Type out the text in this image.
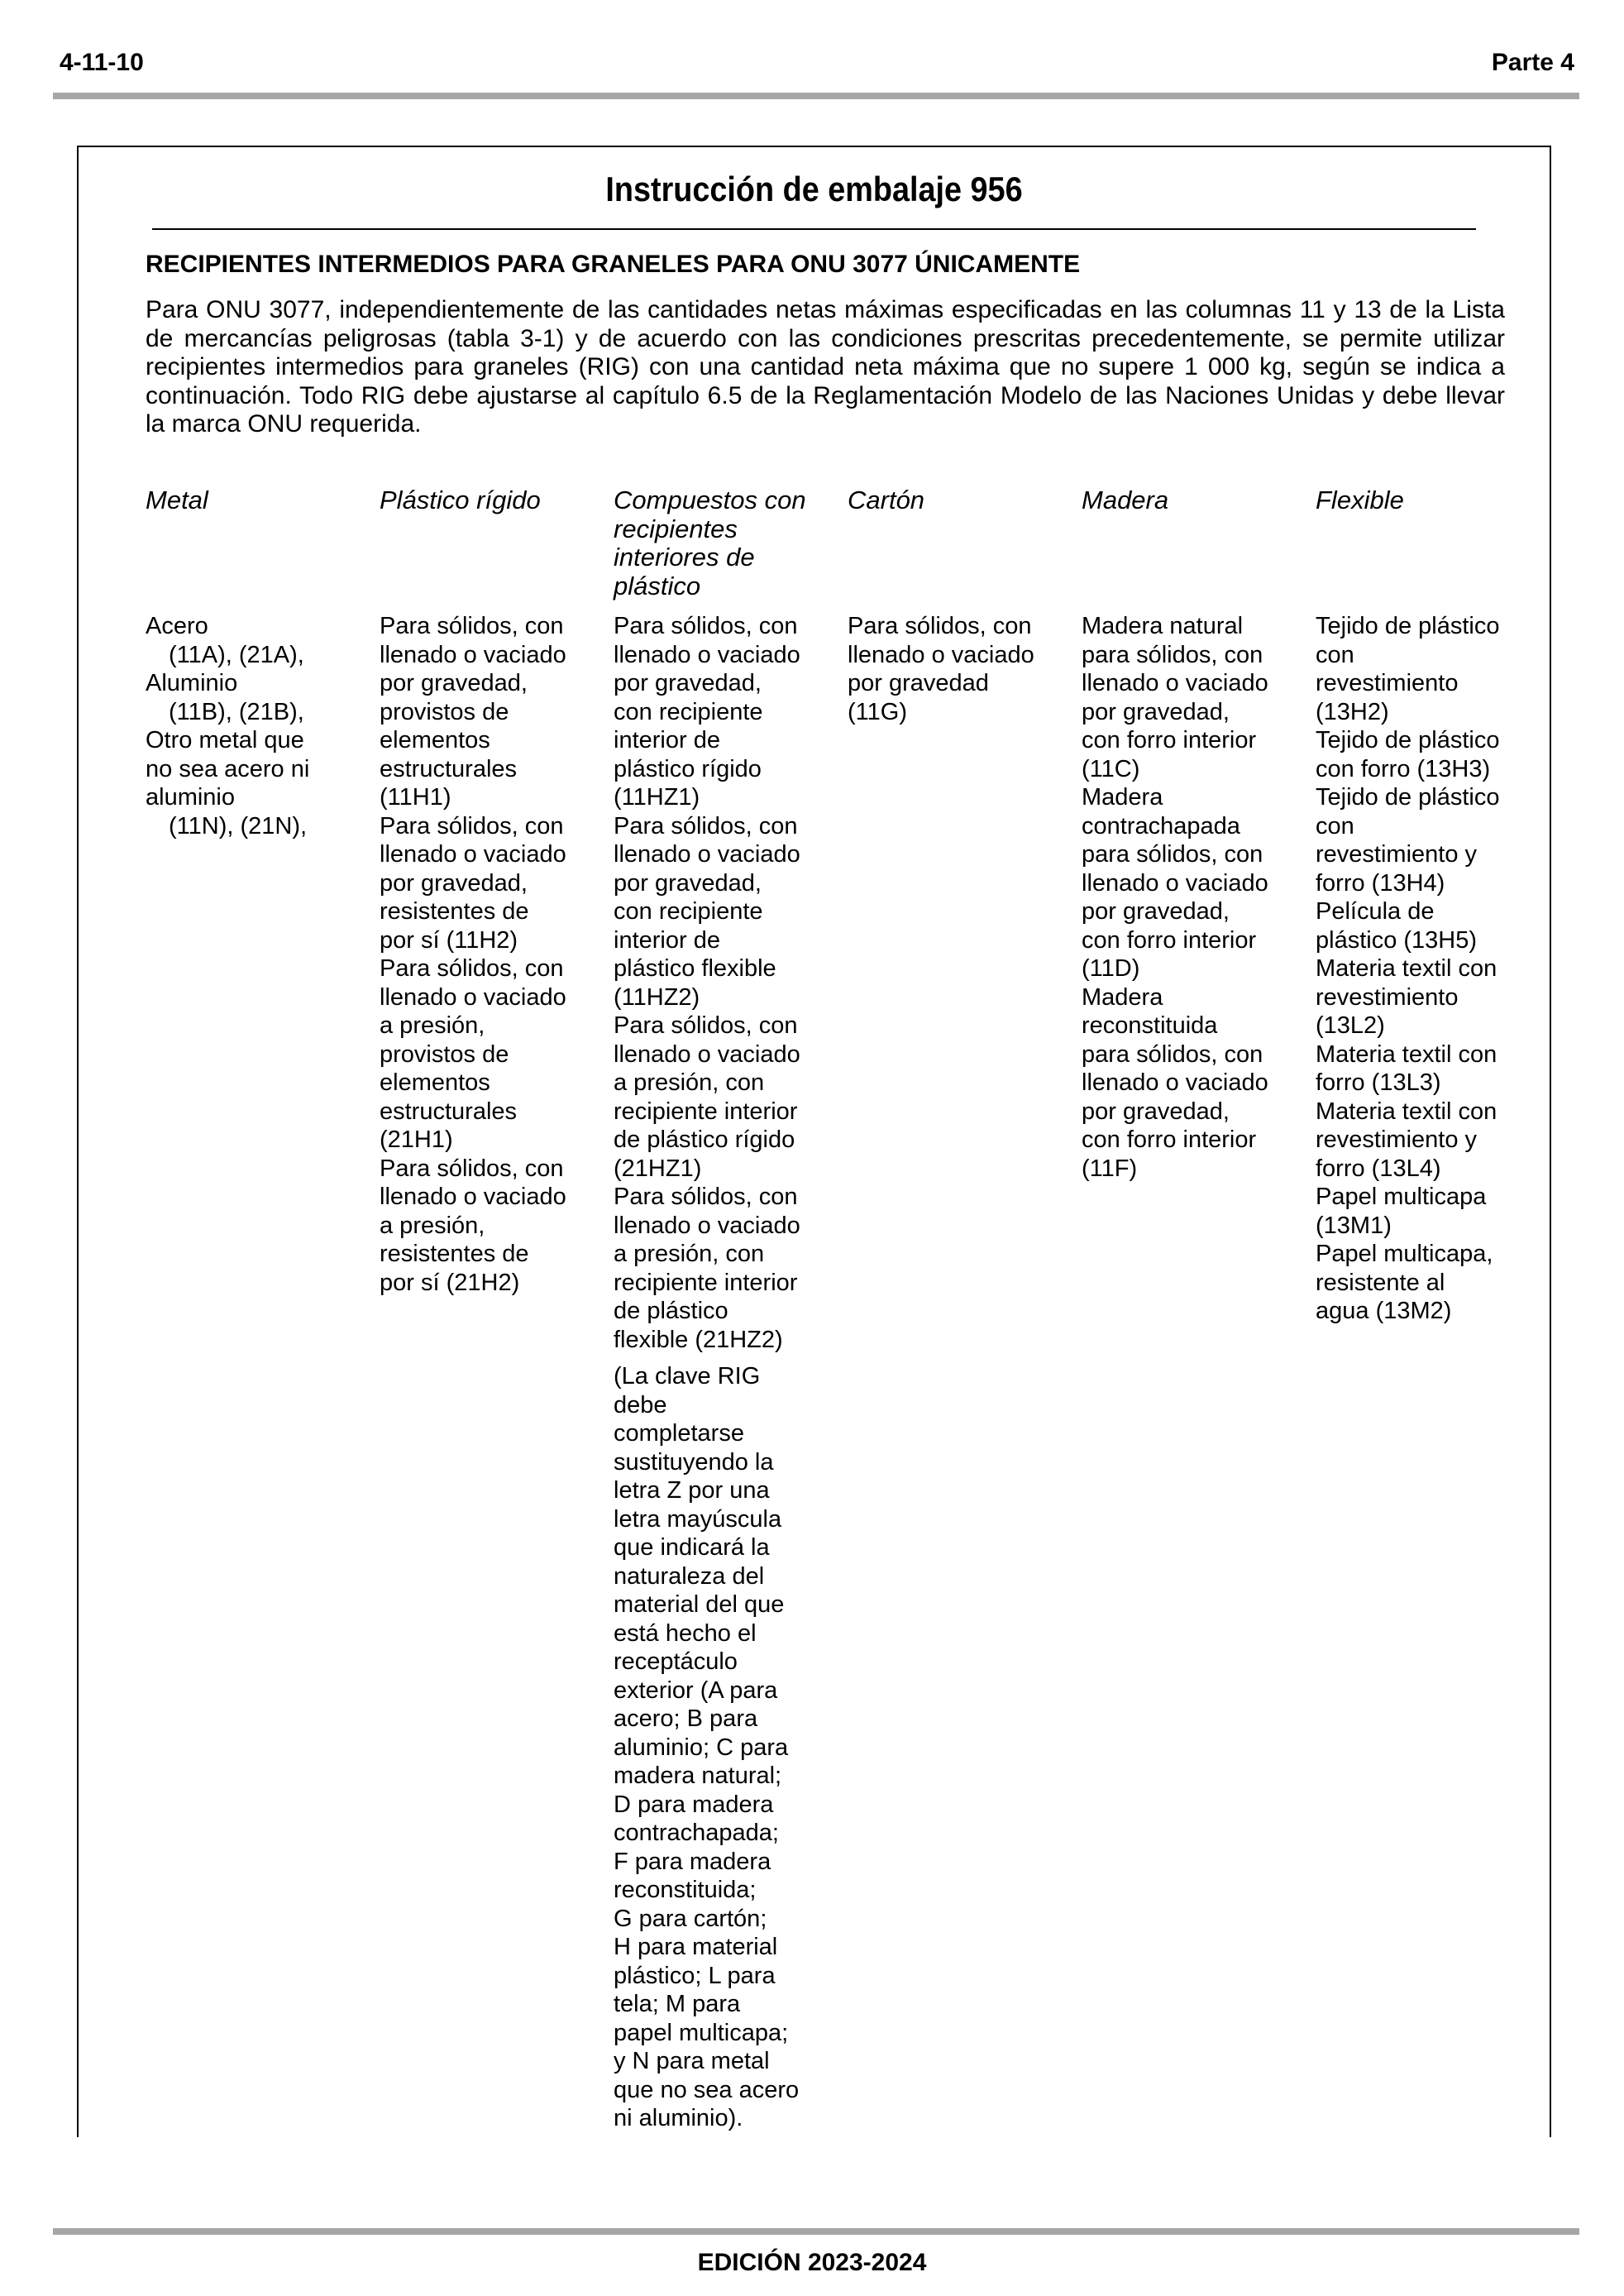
4-11-10	Parte 4
Instrucción de embalaje 956

RECIPIENTES INTERMEDIOS PARA GRANELES PARA ONU 3077 ÚNICAMENTE

Para ONU 3077, independientemente de las cantidades netas máximas especificadas en las columnas 11 y 13 de la Lista de mercancías peligrosas (tabla 3-1) y de acuerdo con las condiciones prescritas precedentemente, se permite utilizar recipientes intermedios para graneles (RIG) con una cantidad neta máxima que no supere 1 000 kg, según se indica a continuación. Todo RIG debe ajustarse al capítulo 6.5 de la Reglamentación Modelo de las Naciones Unidas y debe llevar la marca ONU requerida.

Metal

Acero
(11A), (21A),
Aluminio
(11B), (21B),
Otro metal que
no sea acero ni
aluminio
(11N), (21N),

Plástico rígido

Para sólidos, con
llenado o vaciado
por gravedad,
provistos de
elementos
estructurales
(11H1)
Para sólidos, con
llenado o vaciado
por gravedad,
resistentes de
por sí (11H2)
Para sólidos, con
llenado o vaciado
a presión,
provistos de
elementos
estructurales
(21H1)
Para sólidos, con
llenado o vaciado
a presión,
resistentes de
por sí (21H2)

Compuestos con recipientes interiores de plástico

Para sólidos, con
llenado o vaciado
por gravedad,
con recipiente
interior de
plástico rígido
(11HZ1)
Para sólidos, con
llenado o vaciado
por gravedad,
con recipiente
interior de
plástico flexible
(11HZ2)
Para sólidos, con
llenado o vaciado
a presión, con
recipiente interior
de plástico rígido
(21HZ1)
Para sólidos, con
llenado o vaciado
a presión, con
recipiente interior
de plástico
flexible (21HZ2)
(La clave RIG
debe
completarse
sustituyendo la
letra Z por una
letra mayúscula
que indicará la
naturaleza del
material del que
está hecho el
receptáculo
exterior (A para
acero; B para
aluminio; C para
madera natural;
D para madera
contrachapada;
F para madera
reconstituida;
G para cartón;
H para material
plástico; L para
tela; M para
papel multicapa;
y N para metal
que no sea acero
ni aluminio).

Cartón

Para sólidos, con
llenado o vaciado
por gravedad
(11G)

Madera

Madera natural
para sólidos, con
llenado o vaciado
por gravedad,
con forro interior
(11C)
Madera
contrachapada
para sólidos, con
llenado o vaciado
por gravedad,
con forro interior
(11D)
Madera
reconstituida
para sólidos, con
llenado o vaciado
por gravedad,
con forro interior
(11F)

Flexible

Tejido de plástico
con
revestimiento
(13H2)
Tejido de plástico
con forro (13H3)
Tejido de plástico
con
revestimiento y
forro (13H4)
Película de
plástico (13H5)
Materia textil con
revestimiento
(13L2)
Materia textil con
forro (13L3)
Materia textil con
revestimiento y
forro (13L4)
Papel multicapa
(13M1)
Papel multicapa,
resistente al
agua (13M2)
EDICIÓN 2023-2024
